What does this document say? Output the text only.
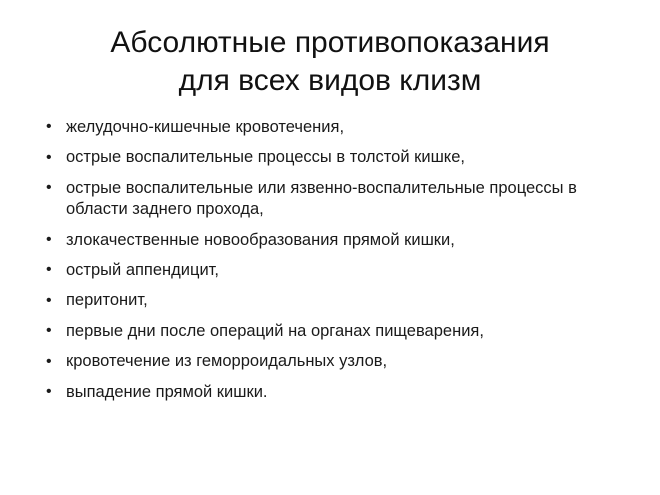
Абсолютные противопоказания
для всех видов клизм
• желудочно-кишечные кровотечения,
• острые воспалительные процессы в толстой кишке,
• острые воспалительные или язвенно-воспалительные процессы в области заднего прохода,
• злокачественные новообразования прямой кишки,
• острый аппендицит,
• перитонит,
• первые дни после операций на органах пищеварения,
• кровотечение из геморроидальных узлов,
• выпадение прямой кишки.
